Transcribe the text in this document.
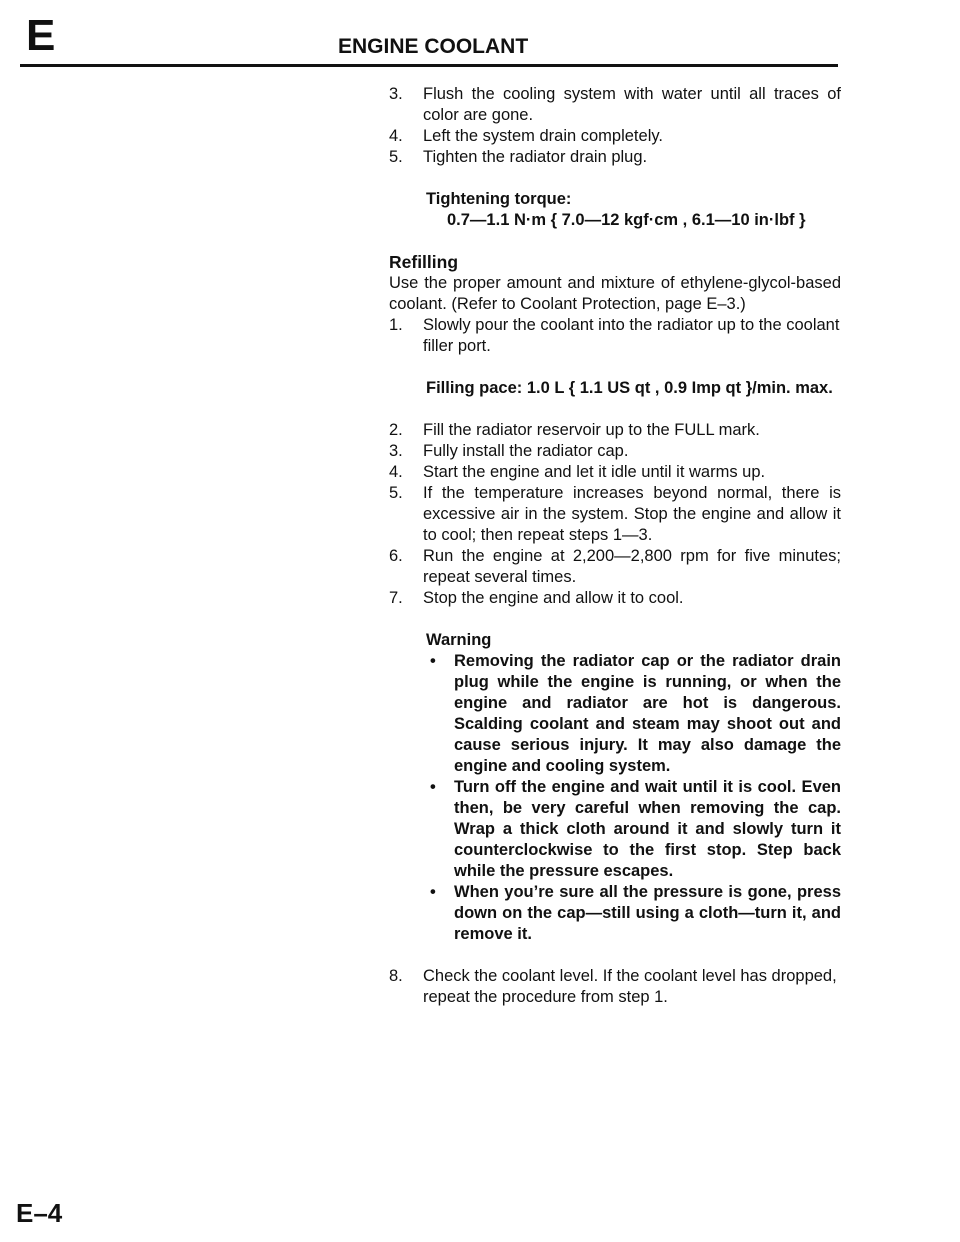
E	ENGINE COOLANT
3.	Flush the cooling system with water until all traces of color are gone.
4.	Left the system drain completely.
5.	Tighten the radiator drain plug.
Tightening torque:
0.7—1.1 N·m { 7.0—12 kgf·cm , 6.1—10 in·lbf }
Refilling
Use the proper amount and mixture of ethylene-glycol-based coolant. (Refer to Coolant Protection, page E–3.)
1.	Slowly pour the coolant into the radiator up to the coolant filler port.
Filling pace: 1.0 L { 1.1 US qt , 0.9 Imp qt }/min. max.
2.	Fill the radiator reservoir up to the FULL mark.
3.	Fully install the radiator cap.
4.	Start the engine and let it idle until it warms up.
5.	If the temperature increases beyond normal, there is excessive air in the system. Stop the engine and allow it to cool; then repeat steps 1—3.
6.	Run the engine at 2,200—2,800 rpm for five minutes; repeat several times.
7.	Stop the engine and allow it to cool.
Warning
•	Removing the radiator cap or the radiator drain plug while the engine is running, or when the engine and radiator are hot is dangerous. Scalding coolant and steam may shoot out and cause serious injury. It may also damage the engine and cooling system.
•	Turn off the engine and wait until it is cool. Even then, be very careful when removing the cap. Wrap a thick cloth around it and slowly turn it counterclockwise to the first stop. Step back while the pressure escapes.
•	When you’re sure all the pressure is gone, press down on the cap—still using a cloth—turn it, and remove it.
8.	Check the coolant level. If the coolant level has dropped, repeat the procedure from step 1.
E–4
